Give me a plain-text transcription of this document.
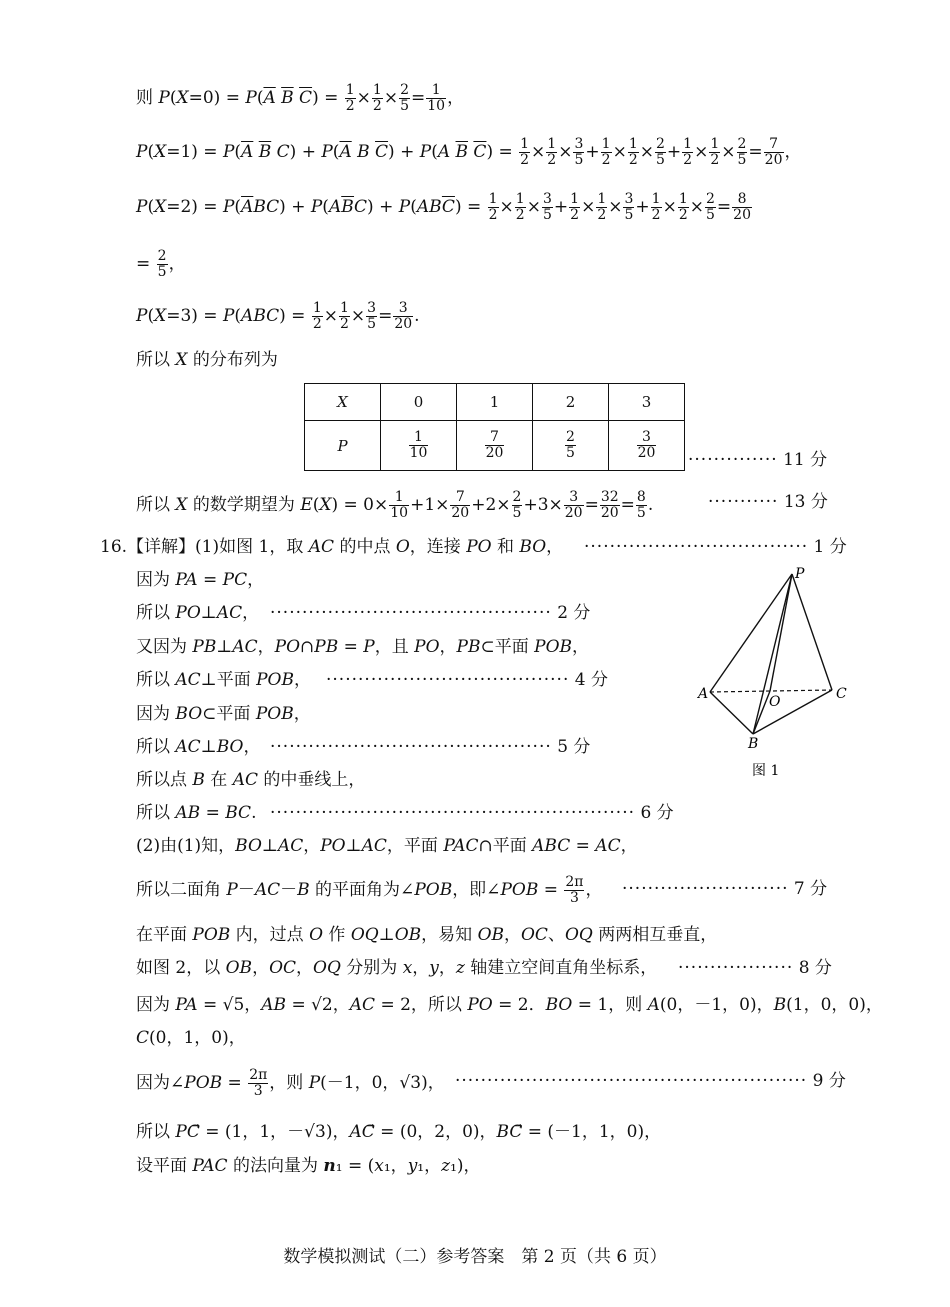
则 $P(X=0) = P(\overline{A}$ $\overline{B}$ $\overline{C}) = \frac{1}{2} \times \frac{1}{2} \times \frac{2}{5} = \frac{1}{10}$ ，
$P(X=1) = P(\overline{A}$ $\overline{B}$ $C) + P(\overline{A}$ B $\overline{C}) + P(A$ $\overline{B}$ $\overline{C}) = \frac{1}{2} \times \frac{1}{2} \times \frac{3}{5} + \frac{1}{2} \times \frac{1}{2} \times \frac{2}{5} + \frac{1}{2} \times \frac{1}{2} \times \frac{2}{5} = \frac{7}{20}$ ，
$P(X=2) = P(\overline{A}BC) + P(A\overline{B}C) + P(AB\overline{C}) = \frac{1}{2} \times \frac{1}{2} \times \frac{3}{5} + \frac{1}{2} \times \frac{1}{2} \times \frac{3}{5} + \frac{1}{2} \times \frac{1}{2} \times \frac{2}{5} = \frac{8}{20}$
= $\frac{2}{5}$ ，
$P(X=3) = P(ABC) = \frac{1}{2} \times \frac{1}{2} \times \frac{3}{5} = \frac{3}{20}$ .
所以 X 的分布列为
X	0	1	2	3
P	$\frac{1}{10}$	$\frac{7}{20}$	$\frac{2}{5}$	$\frac{3}{20}$ ·············· 11 分
所以 X 的数学期望为 $E(X) = 0\times \frac{1}{10} +1\times \frac{7}{20} +2\times \frac{2}{5} +3\times \frac{3}{20} = \frac{32}{20} = \frac{8}{5}$ .	··········· 13 分
16.【详解】(1)如图 1，取 AC 的中点 O，连接 PO 和 BO， ··································· 1 分
因为 PA = PC，
所以 PO⊥AC， ············································ 2 分
又因为 PB⊥AC，PO∩PB = P，且 PO，PB⊂平面 POB，
所以 AC⊥平面 POB， ······································ 4 分
因为 BO⊂平面 POB，
所以 AC⊥BO， ············································ 5 分
所以点 B 在 AC 的中垂线上，
所以 AB = BC. ························································· 6 分
(2)由(1)知，BO⊥AC，PO⊥AC，平面 PAC∩平面 ABC = AC，
所以二面角 P－AC－B 的平面角为∠POB，即∠POB = $\frac{2\pi}{3}$ ， ·························· 7 分
在平面 POB 内，过点 O 作 OQ⊥OB，易知 OB，OC、OQ 两两相互垂直，
如图 2，以 OB，OC，OQ 分别为 x，y，z 轴建立空间直角坐标系， ·················· 8 分
因为 PA = √5，AB = √2，AC = 2，所以 PO = 2．BO = 1，则 A(0，－1，0)，B(1，0，0)，
C(0，1，0)，
因为∠POB = $\frac{2\pi}{3}$ ，则 P(－1，0，√3)， ······················································· 9 分
所以 PC⃗ = (1，1，－√3)，AC⃗ = (0，2，0)，BC⃗ = (－1，1，0)，
设平面 PAC 的法向量为 n₁ = (x₁，y₁，z₁)，
P
A	C
O
B
图 1
数学模拟测试（二）参考答案　第 2 页（共 6 页）
